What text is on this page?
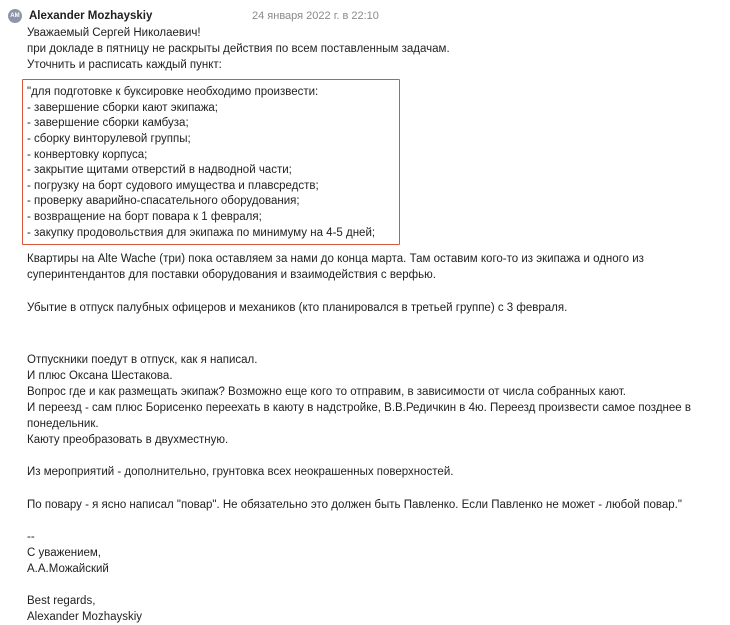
AM Alexander Mozhayskiy	24 января 2022 г. в 22:10
Уважаемый Сергей Николаевич!
при докладе в пятницу не раскрыты действия по всем поставленным задачам.
Уточнить и расписать каждый пункт:
"для подготовке к буксировке необходимо произвести:
- завершение сборки кают экипажа;
- завершение сборки камбуза;
- сборку винторулевой группы;
- конвертовку корпуса;
- закрытие щитами отверстий в надводной части;
- погрузку на борт судового имущества и плавсредств;
- проверку аварийно-спасательного оборудования;
- возвращение на борт повара к 1 февраля;
- закупку продовольствия для экипажа по минимуму на 4-5 дней;
Квартиры на Alte Wache (три) пока оставляем за нами до конца марта. Там оставим кого-то из экипажа и одного из
суперинтендантов для поставки оборудования и взаимодействия с верфью.
Убытие в отпуск палубных офицеров и механиков (кто планировался в третьей группе) с 3 февраля.
Отпускники поедут в отпуск, как я написал.
И плюс Оксана Шестакова.
Вопрос где и как размещать экипаж? Возможно еще кого то отправим, в зависимости от числа собранных кают.
И переезд - сам плюс Борисенко переехать в каюту в надстройке, В.В.Редичкин в 4ю. Переезд произвести самое позднее в
понедельник.
Каюту преобразовать в двухместную.
Из мероприятий - дополнительно, грунтовка всех неокрашенных поверхностей.
По повару - я ясно написал "повар". Не обязательно это должен быть Павленко. Если Павленко не может - любой повар."
--
С уважением,
А.А.Можайский
Best regards,
Alexander Mozhayskiy
